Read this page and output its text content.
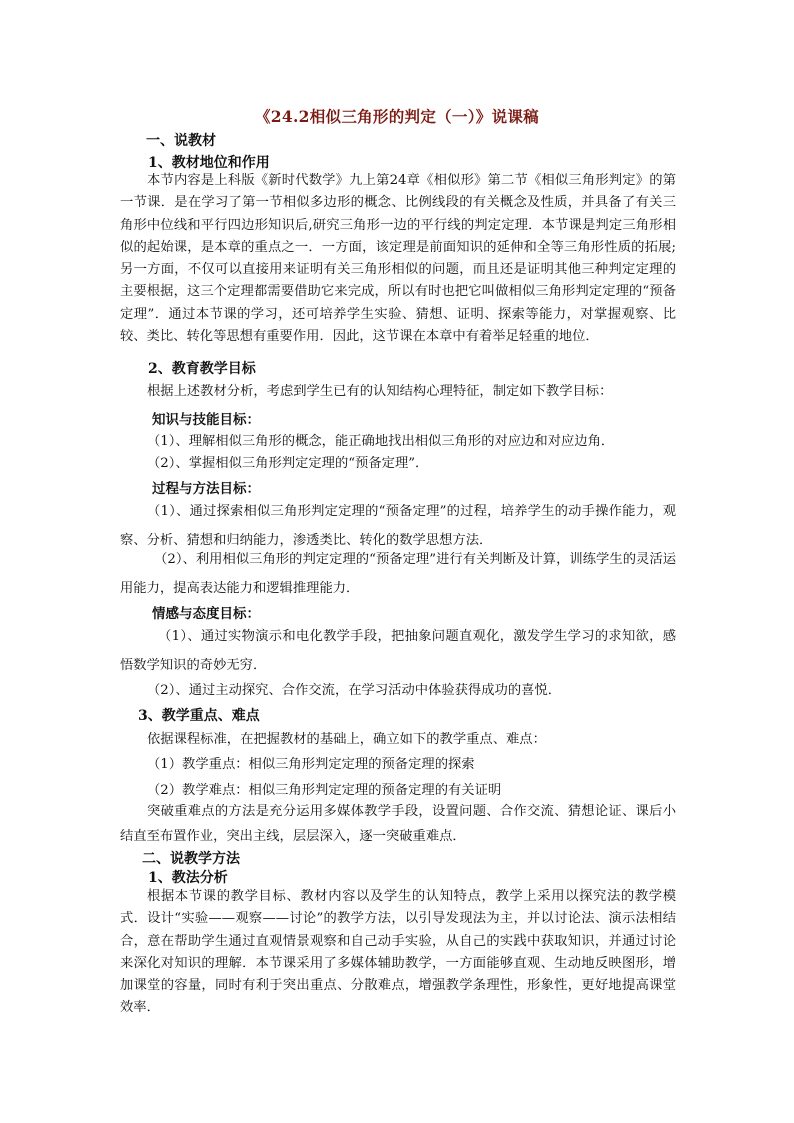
《24.2相似三角形的判定（一）》说课稿
一、说教材
1、教材地位和作用

本节内容是上科版《新时代数学》九上第24章《相似形》第二节《相似三角形判定》的第一节课．是在学习了第一节相似多边形的概念、比例线段的有关概念及性质，并具备了有关三角形中位线和平行四边形知识后,研究三角形一边的平行线的判定定理．本节课是判定三角形相似的起始课，是本章的重点之一．一方面，该定理是前面知识的延伸和全等三角形性质的拓展; 另一方面，不仅可以直接用来证明有关三角形相似的问题，而且还是证明其他三种判定定理的主要根据，这三个定理都需要借助它来完成，所以有时也把它叫做相似三角形判定定理的“预备定理”．通过本节课的学习，还可培养学生实验、猜想、证明、探索等能力，对掌握观察、比较、类比、转化等思想有重要作用．因此，这节课在本章中有着举足轻重的地位．

2、教育教学目标
根据上述教材分析，考虑到学生已有的认知结构心理特征，制定如下教学目标：
知识与技能目标：
（1）、理解相似三角形的概念，能正确地找出相似三角形的对应边和对应边角．
（2）、掌握相似三角形判定定理的“预备定理”．
过程与方法目标：

（1）、通过探索相似三角形判定定理的“预备定理”的过程，培养学生的动手操作能力，观察、分析、猜想和归纳能力，渗透类比、转化的数学思想方法．

（2）、利用相似三角形的判定定理的“预备定理”进行有关判断及计算，训练学生的灵活运用能力，提高表达能力和逻辑推理能力．

情感与态度目标：

（1）、通过实物演示和电化教学手段，把抽象问题直观化，激发学生学习的求知欲，感悟数学知识的奇妙无穷．

（2）、通过主动探究、合作交流，在学习活动中体验获得成功的喜悦．
3、教学重点、难点
依据课程标准，在把握教材的基础上，确立如下的教学重点、难点：
（1）教学重点：相似三角形判定定理的预备定理的探索
（2）教学难点：相似三角形判定定理的预备定理的有关证明

突破重难点的方法是充分运用多媒体教学手段，设置问题、合作交流、猜想论证、课后小结直至布置作业，突出主线，层层深入，逐一突破重难点．

二、说教学方法
1、教法分析

根据本节课的教学目标、教材内容以及学生的认知特点，教学上采用以探究法的教学模式．设计“实验——观察——讨论”的教学方法，以引导发现法为主，并以讨论法、演示法相结合，意在帮助学生通过直观情景观察和自己动手实验，从自己的实践中获取知识，并通过讨论来深化对知识的理解．本节课采用了多媒体辅助教学，一方面能够直观、生动地反映图形，增加课堂的容量，同时有利于突出重点、分散难点，增强教学条理性，形象性，更好地提高课堂效率．
